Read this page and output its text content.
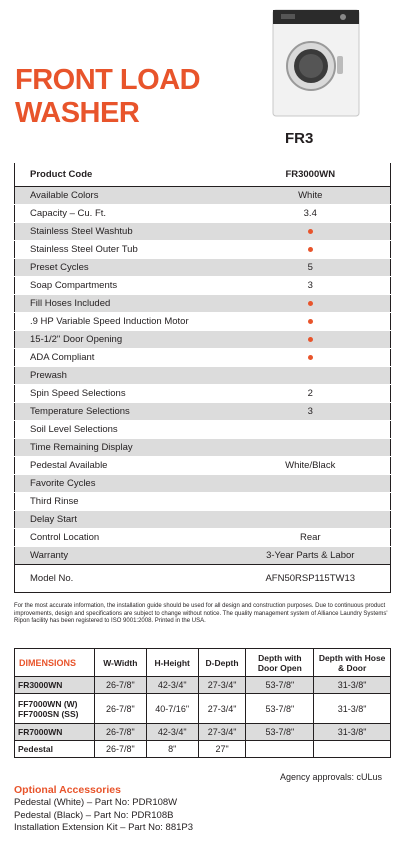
FRONT LOAD
WASHER
FR3
Product Code	FR3000WN
Available Colors	White
Capacity – Cu. Ft.	3.4
Stainless Steel Washtub	
Stainless Steel Outer Tub	
Preset Cycles	5
Soap Compartments	3
Fill Hoses Included	
.9 HP Variable Speed Induction Motor	
15-1/2" Door Opening	
ADA Compliant	
Prewash	
Spin Speed Selections	2
Temperature Selections	3
Soil Level Selections	
Time Remaining Display	
Pedestal Available	White/Black
Favorite Cycles	
Third Rinse	
Delay Start	
Control Location	Rear
Warranty	3-Year Parts & Labor
Model No.	AFN50RSP115TW13
For the most accurate information, the installation guide should be used for all design and construction purposes. Due to continuous product improvements, design and specifications are subject to change without notice. The quality management system of Alliance Laundry Systems' Ripon facility has been registered to ISO 9001:2008. Printed in the USA.
DIMENSIONS	W-Width	H-Height	D-Depth	Depth with Door Open	Depth with Hose & Door
FR3000WN	26-7/8"	42-3/4"	27-3/4"	53-7/8"	31-3/8"
FF7000WN (W)
FF7000SN (SS)	26-7/8"	40-7/16"	27-3/4"	53-7/8"	31-3/8"
FR7000WN	26-7/8"	42-3/4"	27-3/4"	53-7/8"	31-3/8"
Pedestal	26-7/8"	8"	27"		
Agency approvals: cULus
Optional Accessories
Pedestal (White) – Part No: PDR108W
Pedestal (Black) – Part No: PDR108B
Installation Extension Kit – Part No: 881P3
